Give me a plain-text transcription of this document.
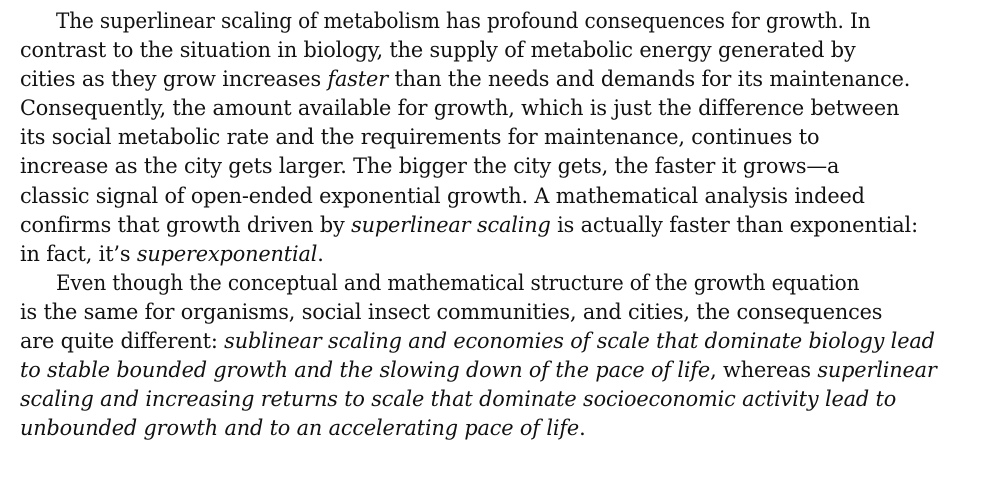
The superlinear scaling of metabolism has profound consequences for growth. In
contrast to the situation in biology, the supply of metabolic energy generated by
cities as they grow increases faster than the needs and demands for its maintenance.
Consequently, the amount available for growth, which is just the difference between
its social metabolic rate and the requirements for maintenance, continues to
increase as the city gets larger. The bigger the city gets, the faster it grows—a
classic signal of open-ended exponential growth. A mathematical analysis indeed
confirms that growth driven by superlinear scaling is actually faster than exponential:
in fact, it’s superexponential.
Even though the conceptual and mathematical structure of the growth equation
is the same for organisms, social insect communities, and cities, the consequences
are quite different: sublinear scaling and economies of scale that dominate biology lead
to stable bounded growth and the slowing down of the pace of life, whereas superlinear
scaling and increasing returns to scale that dominate socioeconomic activity lead to
unbounded growth and to an accelerating pace of life.
